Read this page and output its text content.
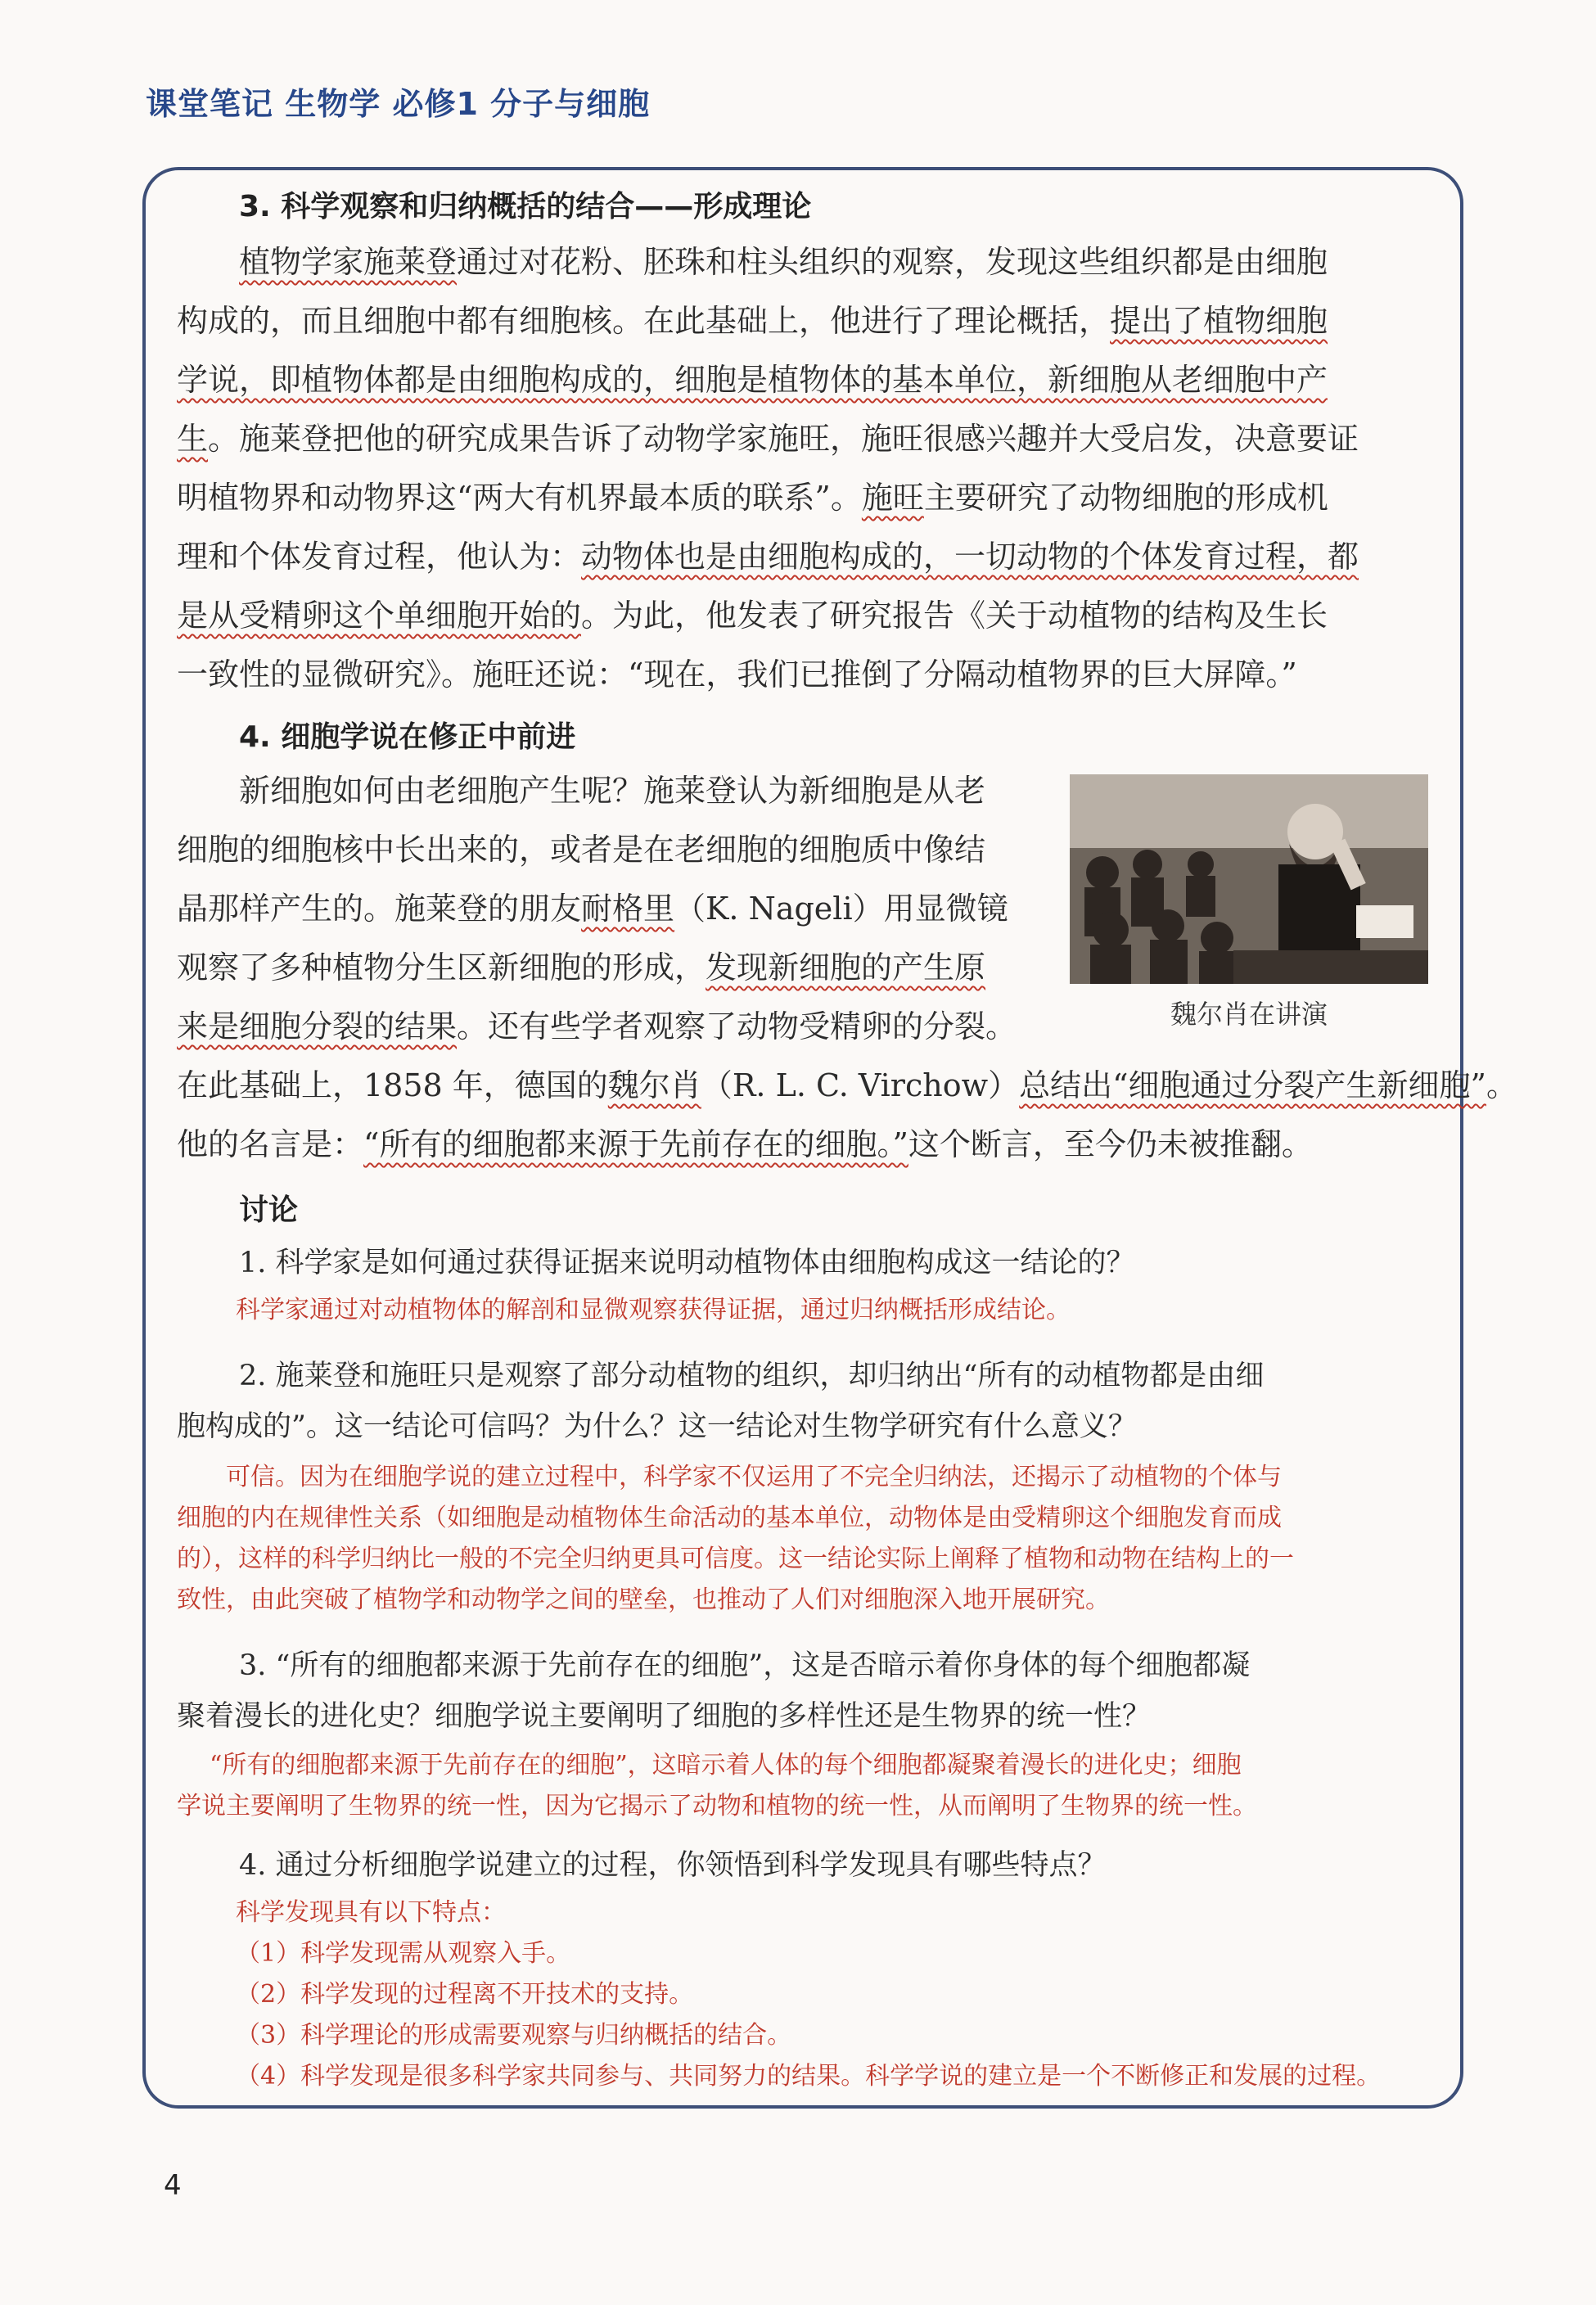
课堂笔记 生物学 必修1 分子与细胞
3. 科学观察和归纳概括的结合——形成理论
植物学家施莱登通过对花粉、胚珠和柱头组织的观察，发现这些组织都是由细胞
构成的，而且细胞中都有细胞核。在此基础上，他进行了理论概括，提出了植物细胞
学说，即植物体都是由细胞构成的，细胞是植物体的基本单位，新细胞从老细胞中产
生。施莱登把他的研究成果告诉了动物学家施旺，施旺很感兴趣并大受启发，决意要证
明植物界和动物界这“两大有机界最本质的联系”。施旺主要研究了动物细胞的形成机
理和个体发育过程，他认为：动物体也是由细胞构成的，一切动物的个体发育过程，都
是从受精卵这个单细胞开始的。为此，他发表了研究报告《关于动植物的结构及生长
一致性的显微研究》。施旺还说：“现在，我们已推倒了分隔动植物界的巨大屏障。”
4. 细胞学说在修正中前进
新细胞如何由老细胞产生呢？施莱登认为新细胞是从老
细胞的细胞核中长出来的，或者是在老细胞的细胞质中像结
晶那样产生的。施莱登的朋友耐格里（K. Nageli）用显微镜
观察了多种植物分生区新细胞的形成，发现新细胞的产生原
来是细胞分裂的结果。还有些学者观察了动物受精卵的分裂。
在此基础上，1858 年，德国的魏尔肖（R. L. C. Virchow）总结出“细胞通过分裂产生新细胞”。
他的名言是：“所有的细胞都来源于先前存在的细胞。”这个断言，至今仍未被推翻。
魏尔肖在讲演
讨论
1. 科学家是如何通过获得证据来说明动植物体由细胞构成这一结论的？
科学家通过对动植物体的解剖和显微观察获得证据，通过归纳概括形成结论。
2. 施莱登和施旺只是观察了部分动植物的组织，却归纳出“所有的动植物都是由细
胞构成的”。这一结论可信吗？为什么？这一结论对生物学研究有什么意义？
可信。因为在细胞学说的建立过程中，科学家不仅运用了不完全归纳法，还揭示了动植物的个体与
细胞的内在规律性关系（如细胞是动植物体生命活动的基本单位，动物体是由受精卵这个细胞发育而成
的），这样的科学归纳比一般的不完全归纳更具可信度。这一结论实际上阐释了植物和动物在结构上的一
致性，由此突破了植物学和动物学之间的壁垒，也推动了人们对细胞深入地开展研究。
3. “所有的细胞都来源于先前存在的细胞”，这是否暗示着你身体的每个细胞都凝
聚着漫长的进化史？细胞学说主要阐明了细胞的多样性还是生物界的统一性？
“所有的细胞都来源于先前存在的细胞”，这暗示着人体的每个细胞都凝聚着漫长的进化史；细胞
学说主要阐明了生物界的统一性，因为它揭示了动物和植物的统一性，从而阐明了生物界的统一性。
4. 通过分析细胞学说建立的过程，你领悟到科学发现具有哪些特点？
科学发现具有以下特点：
（1）科学发现需从观察入手。
（2）科学发现的过程离不开技术的支持。
（3）科学理论的形成需要观察与归纳概括的结合。
（4）科学发现是很多科学家共同参与、共同努力的结果。科学学说的建立是一个不断修正和发展的过程。
4
